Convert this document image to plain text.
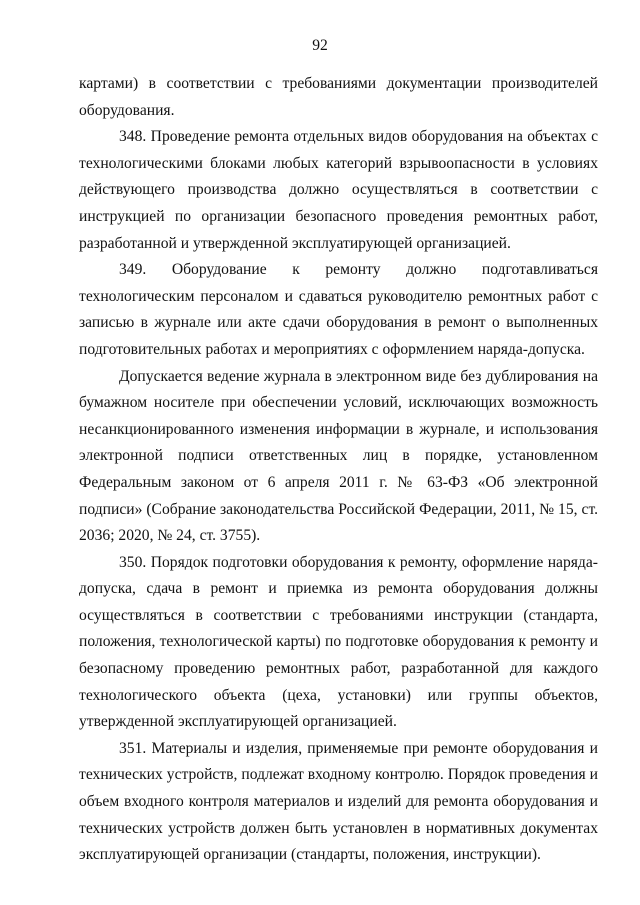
92

картами) в соответствии с требованиями документации производителей оборудования.

348. Проведение ремонта отдельных видов оборудования на объектах с технологическими блоками любых категорий взрывоопасности в условиях действующего производства должно осуществляться в соответствии с инструкцией по организации безопасного проведения ремонтных работ, разработанной и утвержденной эксплуатирующей организацией.

349. Оборудование к ремонту должно подготавливаться технологическим персоналом и сдаваться руководителю ремонтных работ с записью в журнале или акте сдачи оборудования в ремонт о выполненных подготовительных работах и мероприятиях с оформлением наряда-допуска.

Допускается ведение журнала в электронном виде без дублирования на бумажном носителе при обеспечении условий, исключающих возможность несанкционированного изменения информации в журнале, и использования электронной подписи ответственных лиц в порядке, установленном Федеральным законом от 6 апреля 2011 г. № 63-ФЗ «Об электронной подписи» (Собрание законодательства Российской Федерации, 2011, № 15, ст. 2036; 2020, № 24, ст. 3755).

350. Порядок подготовки оборудования к ремонту, оформление наряда-допуска, сдача в ремонт и приемка из ремонта оборудования должны осуществляться в соответствии с требованиями инструкции (стандарта, положения, технологической карты) по подготовке оборудования к ремонту и безопасному проведению ремонтных работ, разработанной для каждого технологического объекта (цеха, установки) или группы объектов, утвержденной эксплуатирующей организацией.

351. Материалы и изделия, применяемые при ремонте оборудования и технических устройств, подлежат входному контролю. Порядок проведения и объем входного контроля материалов и изделий для ремонта оборудования и технических устройств должен быть установлен в нормативных документах эксплуатирующей организации (стандарты, положения, инструкции).
